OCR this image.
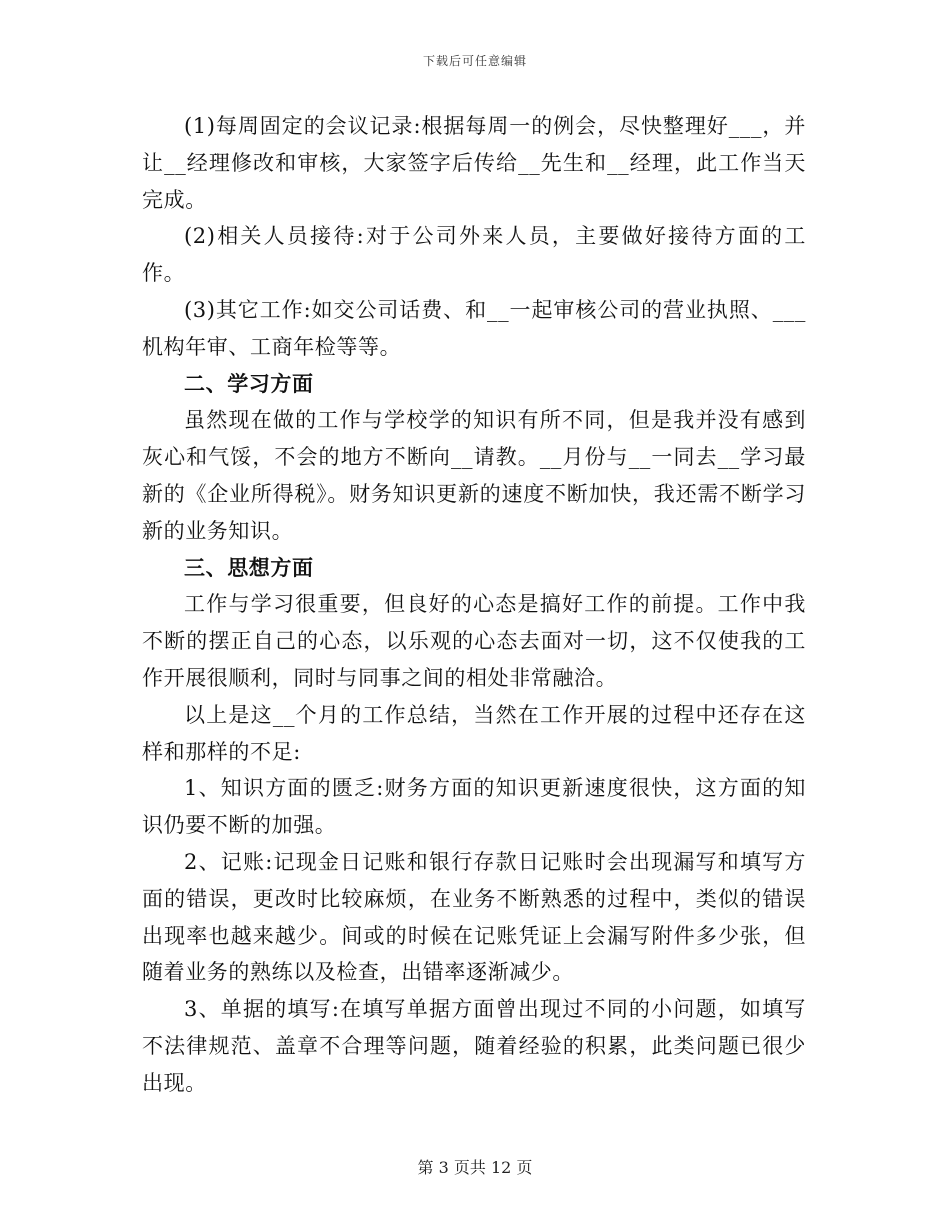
下载后可任意编辑

(1)每周固定的会议记录:根据每周一的例会，尽快整理好___，并让__经理修改和审核，大家签字后传给__先生和__经理，此工作当天完成。

(2)相关人员接待:对于公司外来人员，主要做好接待方面的工作。

(3)其它工作:如交公司话费、和__一起审核公司的营业执照、___机构年审、工商年检等等。

二、学习方面

虽然现在做的工作与学校学的知识有所不同，但是我并没有感到灰心和气馁，不会的地方不断向__请教。__月份与__一同去__学习最新的《企业所得税》。财务知识更新的速度不断加快，我还需不断学习新的业务知识。

三、思想方面

工作与学习很重要，但良好的心态是搞好工作的前提。工作中我不断的摆正自己的心态，以乐观的心态去面对一切，这不仅使我的工作开展很顺利，同时与同事之间的相处非常融洽。

以上是这__个月的工作总结，当然在工作开展的过程中还存在这样和那样的不足:

1、知识方面的匮乏:财务方面的知识更新速度很快，这方面的知识仍要不断的加强。

2、记账:记现金日记账和银行存款日记账时会出现漏写和填写方面的错误，更改时比较麻烦，在业务不断熟悉的过程中，类似的错误出现率也越来越少。间或的时候在记账凭证上会漏写附件多少张，但随着业务的熟练以及检查，出错率逐渐减少。

3、单据的填写:在填写单据方面曾出现过不同的小问题，如填写不法律规范、盖章不合理等问题，随着经验的积累，此类问题已很少出现。

第 3 页共 12 页
